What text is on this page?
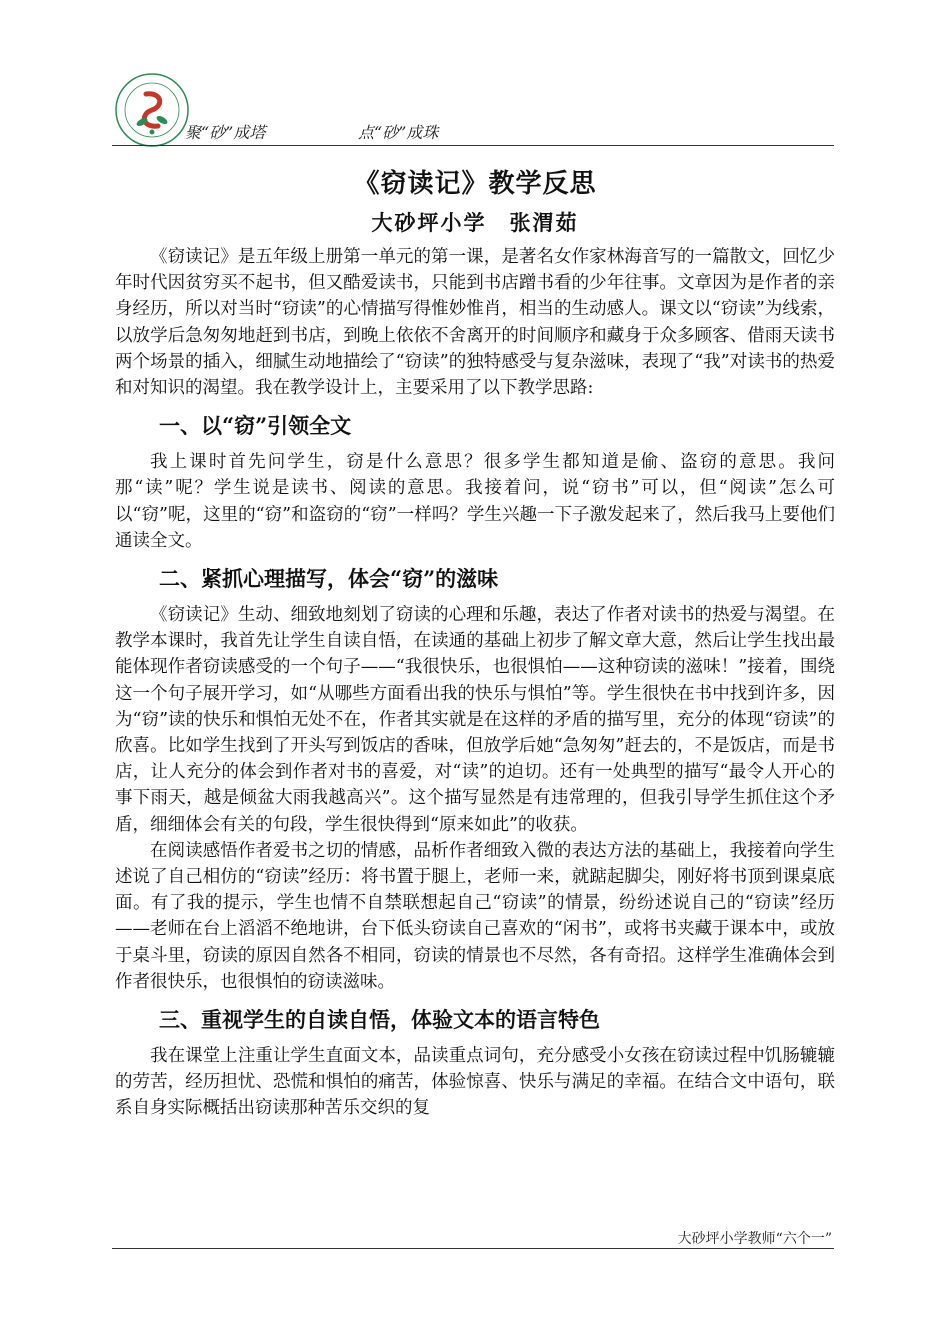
聚“砂”成塔	点“砂”成珠
《窃读记》教学反思
大砂坪小学　张渭茹

《窃读记》是五年级上册第一单元的第一课，是著名女作家林海音写的一篇散文，回忆少年时代因贫穷买不起书，但又酷爱读书，只能到书店蹭书看的少年往事。文章因为是作者的亲身经历，所以对当时“窃读”的心情描写得惟妙惟肖，相当的生动感人。课文以“窃读”为线索，以放学后急匆匆地赶到书店，到晚上依依不舍离开的时间顺序和藏身于众多顾客、借雨天读书两个场景的插入，细腻生动地描绘了“窃读”的独特感受与复杂滋味，表现了“我”对读书的热爱和对知识的渴望。我在教学设计上，主要采用了以下教学思路:

一、以“窃”引领全文

我上课时首先问学生，窃是什么意思？很多学生都知道是偷、盗窃的意思。我问那“读”呢？学生说是读书、阅读的意思。我接着问，说“窃书”可以，但“阅读”怎么可以“窃”呢，这里的“窃”和盗窃的“窃”一样吗？学生兴趣一下子激发起来了，然后我马上要他们通读全文。

二、紧抓心理描写，体会“窃”的滋味

《窃读记》生动、细致地刻划了窃读的心理和乐趣，表达了作者对读书的热爱与渴望。在教学本课时，我首先让学生自读自悟，在读通的基础上初步了解文章大意，然后让学生找出最能体现作者窃读感受的一个句子——“我很快乐，也很惧怕——这种窃读的滋味！”接着，围绕这一个句子展开学习，如“从哪些方面看出我的快乐与惧怕”等。学生很快在书中找到许多，因为“窃”读的快乐和惧怕无处不在，作者其实就是在这样的矛盾的描写里，充分的体现“窃读”的欣喜。比如学生找到了开头写到饭店的香味，但放学后她“急匆匆”赶去的，不是饭店，而是书店，让人充分的体会到作者对书的喜爱，对“读”的迫切。还有一处典型的描写“最令人开心的事下雨天，越是倾盆大雨我越高兴”。这个描写显然是有违常理的，但我引导学生抓住这个矛盾，细细体会有关的句段，学生很快得到“原来如此”的收获。

在阅读感悟作者爱书之切的情感，品析作者细致入微的表达方法的基础上，我接着向学生述说了自己相仿的“窃读”经历：将书置于腿上，老师一来，就踮起脚尖，刚好将书顶到课桌底面。有了我的提示，学生也情不自禁联想起自己“窃读”的情景，纷纷述说自己的“窃读”经历——老师在台上滔滔不绝地讲，台下低头窃读自己喜欢的“闲书”，或将书夹藏于课本中，或放于桌斗里，窃读的原因自然各不相同，窃读的情景也不尽然，各有奇招。这样学生准确体会到作者很快乐，也很惧怕的窃读滋味。

三、重视学生的自读自悟，体验文本的语言特色

我在课堂上注重让学生直面文本，品读重点词句，充分感受小女孩在窃读过程中饥肠辘辘的劳苦，经历担忧、恐慌和惧怕的痛苦，体验惊喜、快乐与满足的幸福。在结合文中语句，联系自身实际概括出窃读那种苦乐交织的复

大砂坪小学教师“六个一”
